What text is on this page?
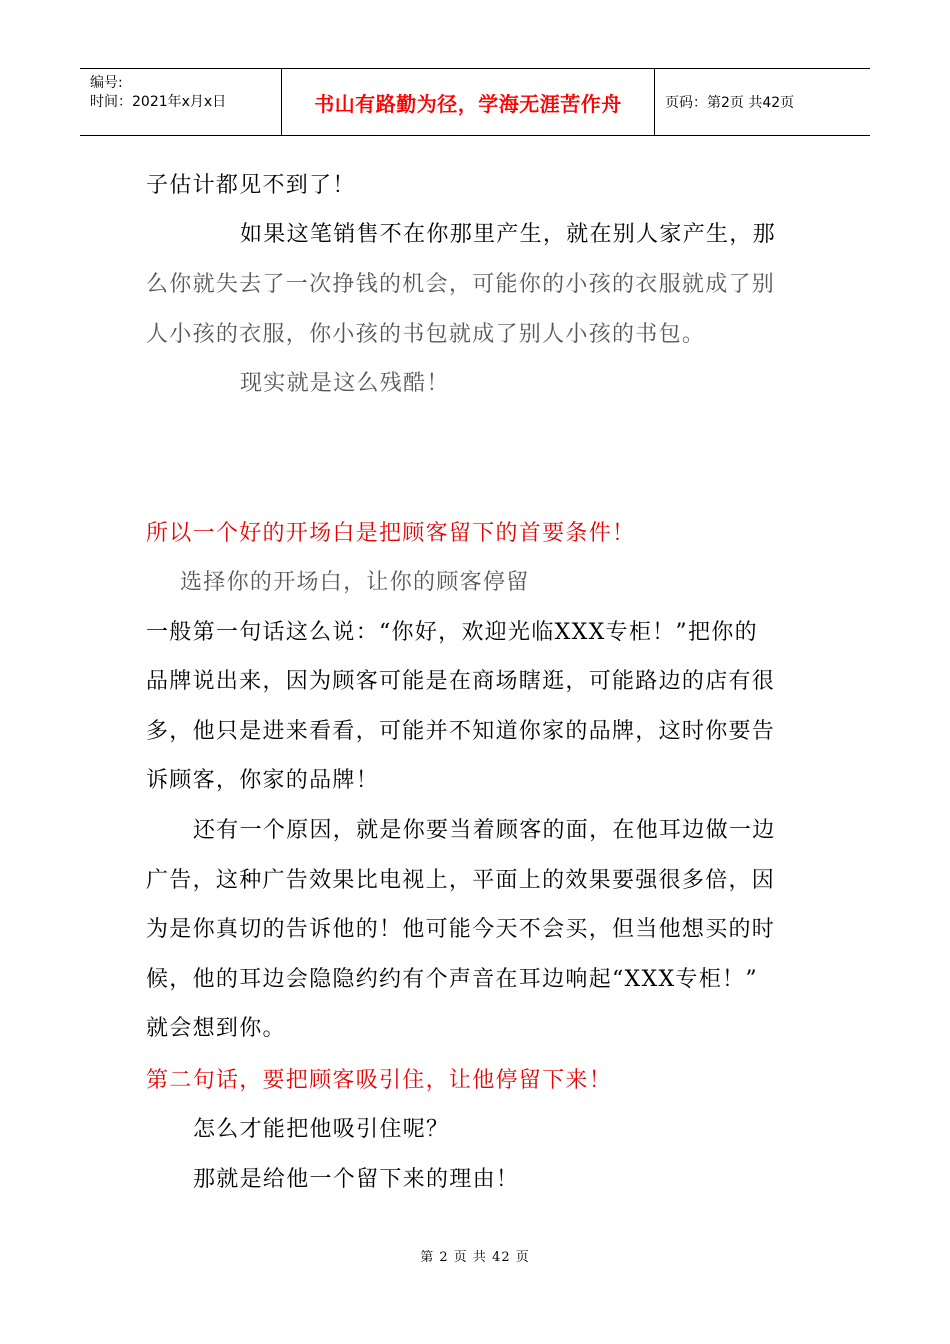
编号:
时间：2021年x月x日	书山有路勤为径，学海无涯苦作舟	页码：第2页 共42页
子估计都见不到了！
如果这笔销售不在你那里产生，就在别人家产生，那
么你就失去了一次挣钱的机会，可能你的小孩的衣服就成了别
人小孩的衣服，你小孩的书包就成了别人小孩的书包。
现实就是这么残酷！
所以一个好的开场白是把顾客留下的首要条件！
选择你的开场白，让你的顾客停留
一般第一句话这么说：“你好，欢迎光临XXX专柜！”把你的
品牌说出来，因为顾客可能是在商场瞎逛，可能路边的店有很
多，他只是进来看看，可能并不知道你家的品牌，这时你要告
诉顾客，你家的品牌！
还有一个原因，就是你要当着顾客的面，在他耳边做一边
广告，这种广告效果比电视上，平面上的效果要强很多倍，因
为是你真切的告诉他的！他可能今天不会买，但当他想买的时
候，他的耳边会隐隐约约有个声音在耳边响起“XXX专柜！”
就会想到你。
第二句话，要把顾客吸引住，让他停留下来！
怎么才能把他吸引住呢？
那就是给他一个留下来的理由！
第 2 页 共 42 页
